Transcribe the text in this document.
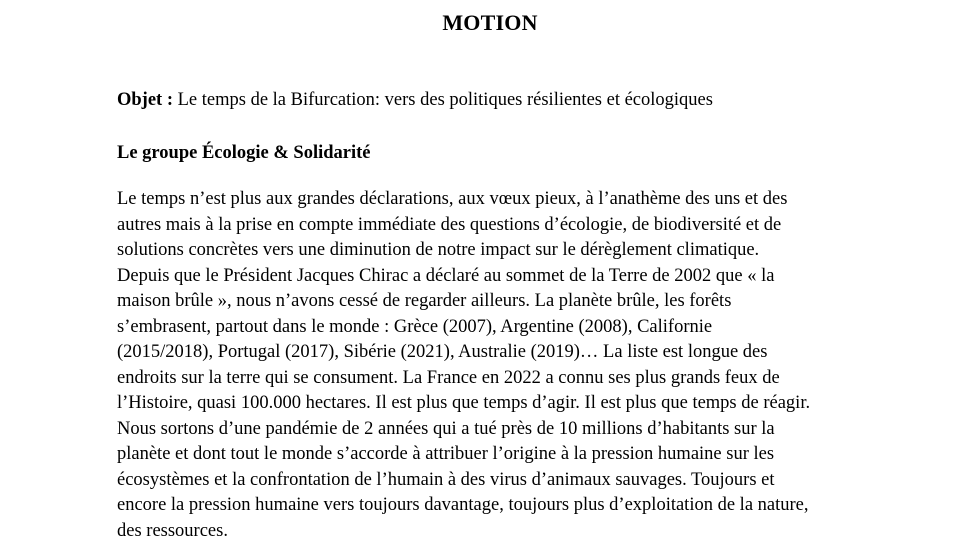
MOTION
Objet : Le temps de la Bifurcation: vers des politiques résilientes et écologiques
Le groupe Écologie & Solidarité
Le temps n’est plus aux grandes déclarations, aux vœux pieux, à l’anathème des uns et des
autres mais à la prise en compte immédiate des questions d’écologie, de biodiversité et de
solutions concrètes vers une diminution de notre impact sur le dérèglement climatique.
Depuis que le Président Jacques Chirac a déclaré au sommet de la Terre de 2002 que « la
maison brûle », nous n’avons cessé de regarder ailleurs. La planète brûle, les forêts
s’embrasent, partout dans le monde : Grèce (2007), Argentine (2008), Californie
(2015/2018), Portugal (2017), Sibérie (2021), Australie (2019)… La liste est longue des
endroits sur la terre qui se consument. La France en 2022 a connu ses plus grands feux de
l’Histoire, quasi 100.000 hectares. Il est plus que temps d’agir. Il est plus que temps de réagir.
Nous sortons d’une pandémie de 2 années qui a tué près de 10 millions d’habitants sur la
planète et dont tout le monde s’accorde à attribuer l’origine à la pression humaine sur les
écosystèmes et la confrontation de l’humain à des virus d’animaux sauvages. Toujours et
encore la pression humaine vers toujours davantage, toujours plus d’exploitation de la nature,
des ressources.
